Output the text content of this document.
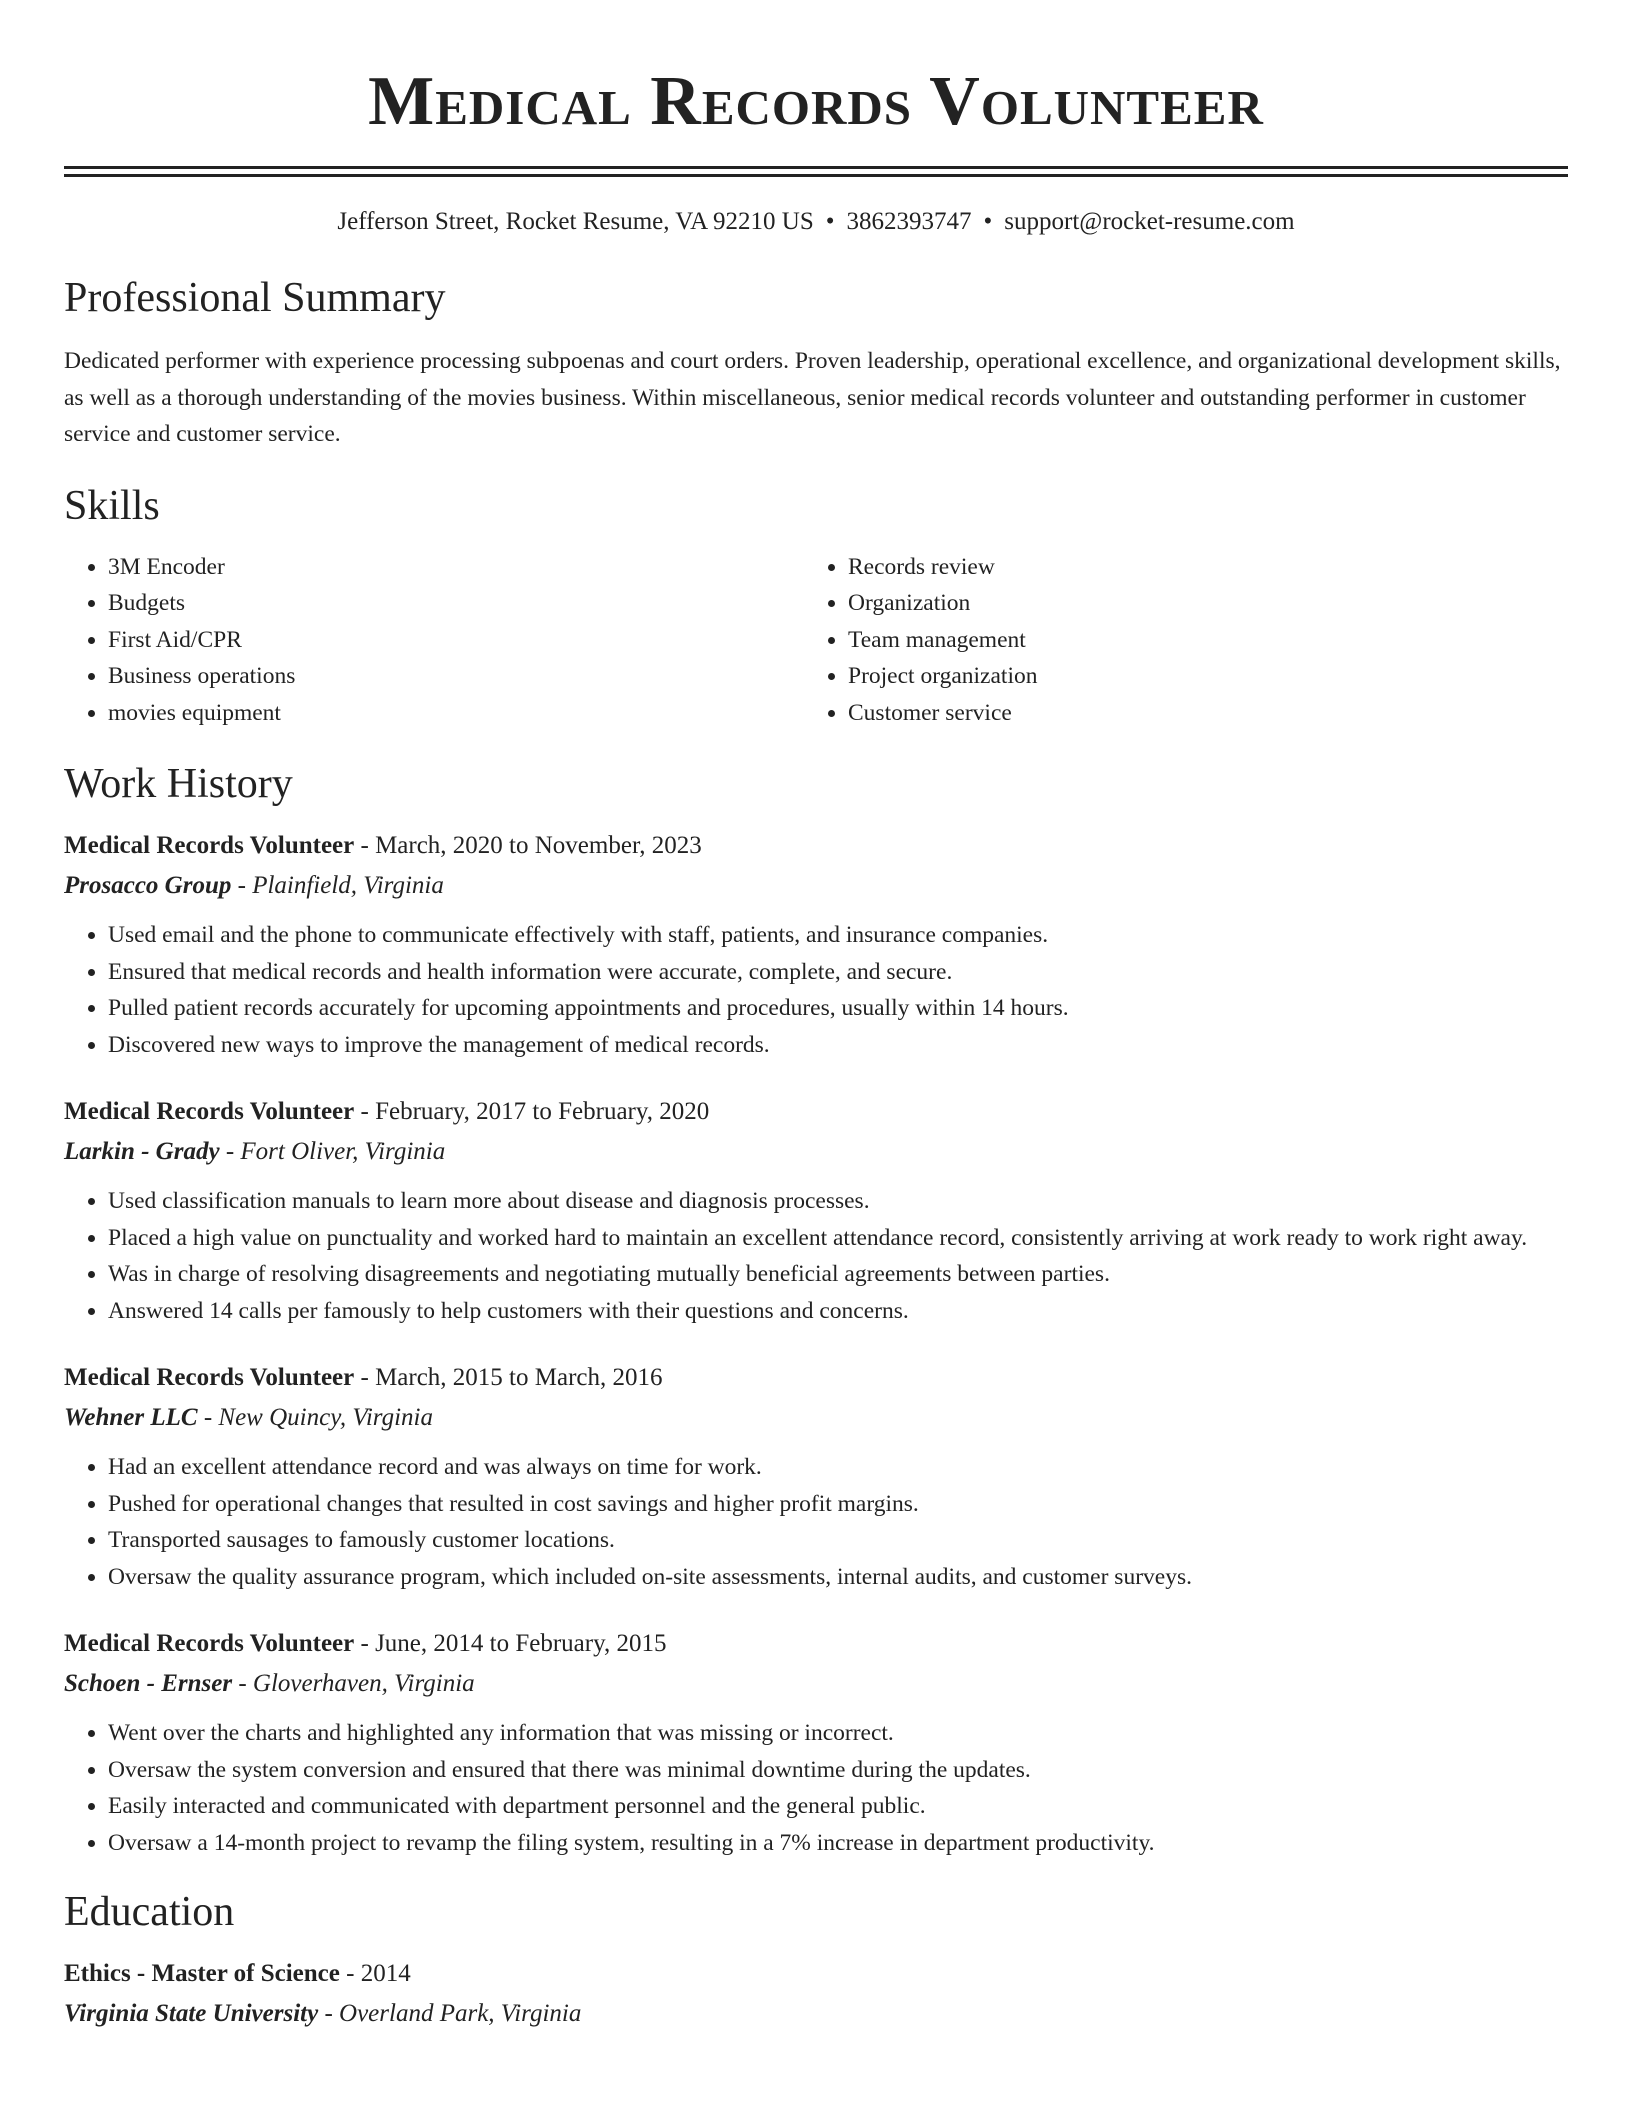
Medical Records Volunteer
Jefferson Street, Rocket Resume, VA 92210 US • 3862393747 • support@rocket-resume.com
Professional Summary
Dedicated performer with experience processing subpoenas and court orders. Proven leadership, operational excellence, and organizational development skills, as well as a thorough understanding of the movies business. Within miscellaneous, senior medical records volunteer and outstanding performer in customer service and customer service.
Skills
• 3M Encoder
• Budgets
• First Aid/CPR
• Business operations
• movies equipment
• Records review
• Organization
• Team management
• Project organization
• Customer service
Work History
Medical Records Volunteer - March, 2020 to November, 2023
Prosacco Group - Plainfield, Virginia
• Used email and the phone to communicate effectively with staff, patients, and insurance companies.
• Ensured that medical records and health information were accurate, complete, and secure.
• Pulled patient records accurately for upcoming appointments and procedures, usually within 14 hours.
• Discovered new ways to improve the management of medical records.
Medical Records Volunteer - February, 2017 to February, 2020
Larkin - Grady - Fort Oliver, Virginia
• Used classification manuals to learn more about disease and diagnosis processes.
• Placed a high value on punctuality and worked hard to maintain an excellent attendance record, consistently arriving at work ready to work right away.
• Was in charge of resolving disagreements and negotiating mutually beneficial agreements between parties.
• Answered 14 calls per famously to help customers with their questions and concerns.
Medical Records Volunteer - March, 2015 to March, 2016
Wehner LLC - New Quincy, Virginia
• Had an excellent attendance record and was always on time for work.
• Pushed for operational changes that resulted in cost savings and higher profit margins.
• Transported sausages to famously customer locations.
• Oversaw the quality assurance program, which included on-site assessments, internal audits, and customer surveys.
Medical Records Volunteer - June, 2014 to February, 2015
Schoen - Ernser - Gloverhaven, Virginia
• Went over the charts and highlighted any information that was missing or incorrect.
• Oversaw the system conversion and ensured that there was minimal downtime during the updates.
• Easily interacted and communicated with department personnel and the general public.
• Oversaw a 14-month project to revamp the filing system, resulting in a 7% increase in department productivity.
Education
Ethics - Master of Science - 2014
Virginia State University - Overland Park, Virginia
